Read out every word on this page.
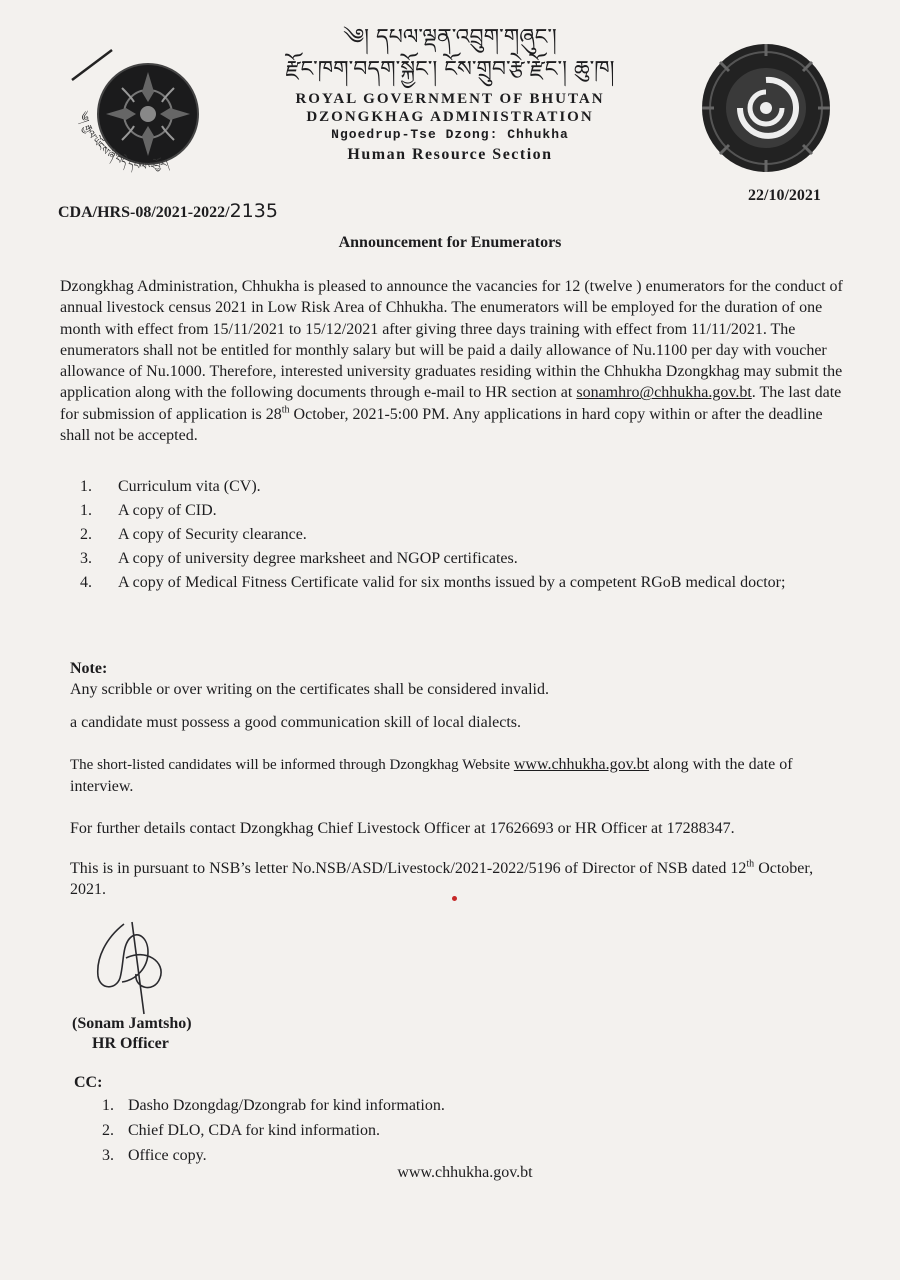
༄། རྒྱལ་ཡོངས་ཞི་བདེ་དཔལ་འབྱོར།
༄། དཔལ་ལྡན་འབྲུག་གཞུང་།
རྫོང་ཁག་བདག་སྐྱོང་། ངོས་གྲུབ་རྩེ་རྫོང་། ཆུ་ཁ།
ROYAL GOVERNMENT OF BHUTAN
DZONGKHAG ADMINISTRATION
Ngoedrup-Tse Dzong: Chhukha
Human Resource Section
CDA/HRS-08/2021-2022/2135
22/10/2021
Announcement for Enumerators
Dzongkhag Administration, Chhukha is pleased to announce the vacancies for 12 (twelve ) enumerators for the conduct of annual livestock census 2021 in Low Risk Area of Chhukha. The enumerators will be employed for the duration of one month with effect from 15/11/2021 to 15/12/2021 after giving three days training with effect from 11/11/2021. The enumerators shall not be entitled for monthly salary but will be paid a daily allowance of Nu.1100 per day with voucher allowance of Nu.1000. Therefore, interested university graduates residing within the Chhukha Dzongkhag may submit the application along with the following documents through e-mail to HR section at sonamhro@chhukha.gov.bt. The last date for submission of application is 28th October, 2021-5:00 PM. Any applications in hard copy within or after the deadline shall not be accepted.
1.	Curriculum vita (CV).
1.	A copy of CID.
2.	A copy of Security clearance.
3.	A copy of university degree marksheet and NGOP certificates.
4.	A copy of Medical Fitness Certificate valid for six months issued by a competent RGoB medical doctor;
Note:
Any scribble or over writing on the certificates shall be considered invalid.
a candidate must possess a good communication skill of local dialects.
The short-listed candidates will be informed through Dzongkhag Website www.chhukha.gov.bt along with the date of interview.
For further details contact Dzongkhag Chief Livestock Officer at 17626693 or HR Officer at 17288347.
This is in pursuant to NSB’s letter No.NSB/ASD/Livestock/2021-2022/5196 of Director of NSB dated 12th October, 2021.
(Sonam Jamtsho)
HR Officer
CC:
1. Dasho Dzongdag/Dzongrab for kind information.
2. Chief DLO, CDA for kind information.
3. Office copy.
www.chhukha.gov.bt
